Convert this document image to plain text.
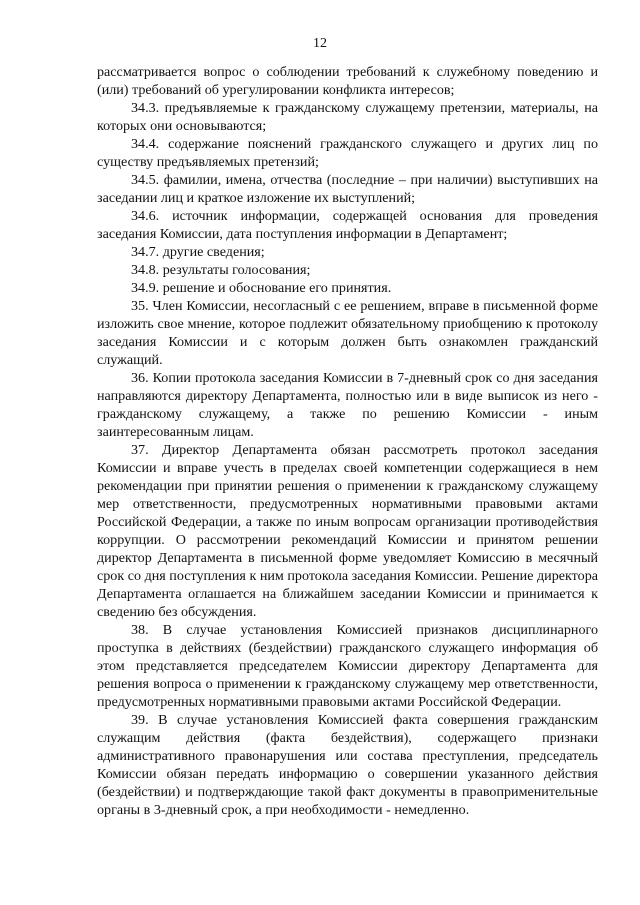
12

рассматривается вопрос о соблюдении требований к служебному поведению и (или) требований об урегулировании конфликта интересов;

34.3. предъявляемые к гражданскому служащему претензии, материалы, на которых они основываются;

34.4. содержание пояснений гражданского служащего и других лиц по существу предъявляемых претензий;

34.5. фамилии, имена, отчества (последние – при наличии) выступивших на заседании лиц и краткое изложение их выступлений;

34.6. источник информации, содержащей основания для проведения заседания Комиссии, дата поступления информации в Департамент;

34.7. другие сведения;

34.8. результаты голосования;

34.9. решение и обоснование его принятия.

35. Член Комиссии, несогласный с ее решением, вправе в письменной форме изложить свое мнение, которое подлежит обязательному приобщению к протоколу заседания Комиссии и с которым должен быть ознакомлен гражданский служащий.

36. Копии протокола заседания Комиссии в 7-дневный срок со дня заседания направляются директору Департамента, полностью или в виде выписок из него - гражданскому служащему, а также по решению Комиссии - иным заинтересованным лицам.

37. Директор Департамента обязан рассмотреть протокол заседания Комиссии и вправе учесть в пределах своей компетенции содержащиеся в нем рекомендации при принятии решения о применении к гражданскому служащему мер ответственности, предусмотренных нормативными правовыми актами Российской Федерации, а также по иным вопросам организации противодействия коррупции. О рассмотрении рекомендаций Комиссии и принятом решении директор Департамента в письменной форме уведомляет Комиссию в месячный срок со дня поступления к ним протокола заседания Комиссии. Решение директора Департамента оглашается на ближайшем заседании Комиссии и принимается к сведению без обсуждения.

38. В случае установления Комиссией признаков дисциплинарного проступка в действиях (бездействии) гражданского служащего информация об этом представляется председателем Комиссии директору Департамента для решения вопроса о применении к гражданскому служащему мер ответственности, предусмотренных нормативными правовыми актами Российской Федерации.

39. В случае установления Комиссией факта совершения гражданским служащим действия (факта бездействия), содержащего признаки административного правонарушения или состава преступления, председатель Комиссии обязан передать информацию о совершении указанного действия (бездействии) и подтверждающие такой факт документы в правоприменительные органы в 3-дневный срок, а при необходимости - немедленно.
